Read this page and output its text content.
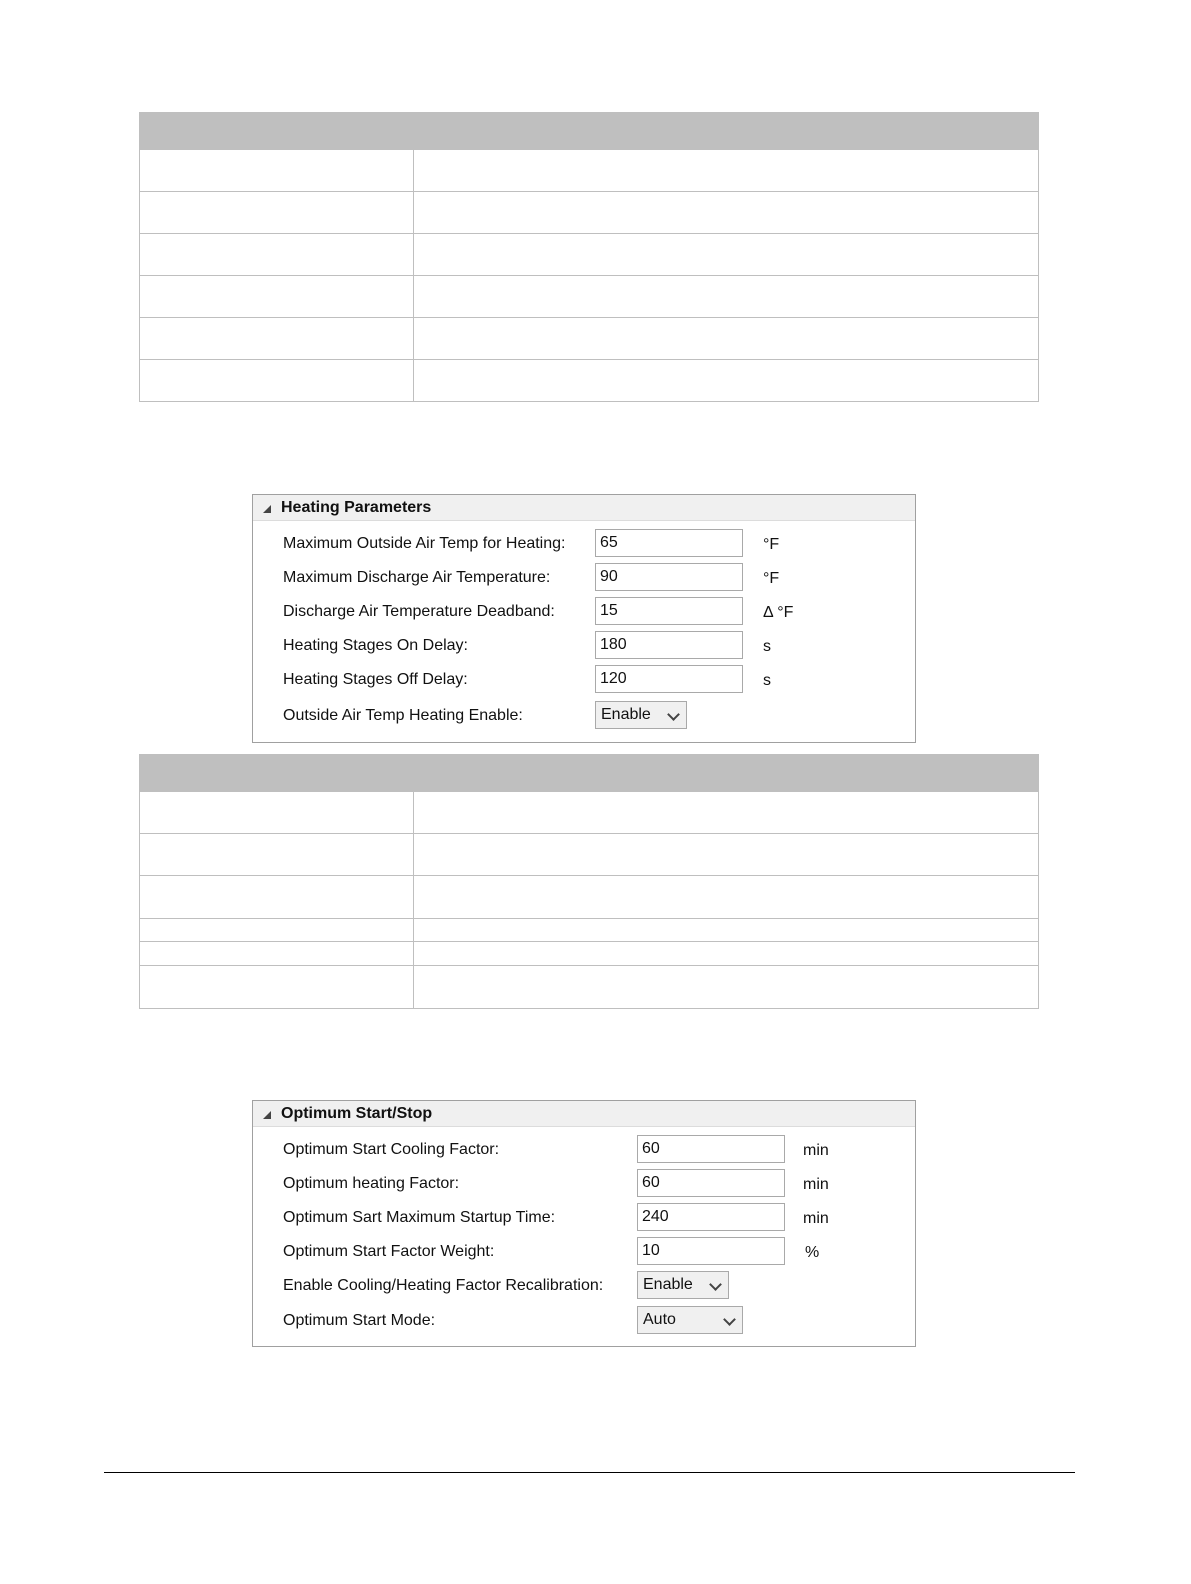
Heating Parameters
Maximum Outside Air Temp for Heating:
65	°F
Maximum Discharge Air Temperature:
90	°F
Discharge Air Temperature Deadband:
15	Δ °F
Heating Stages On Delay:
180	s
Heating Stages Off Delay:
120	s
Outside Air Temp Heating Enable:	Enable
Optimum Start/Stop
Optimum Start Cooling Factor:
60	min
Optimum heating Factor:
60	min
Optimum Sart Maximum Startup Time:
240	min
Optimum Start Factor Weight:
10	%
Enable Cooling/Heating Factor Recalibration: Enable
Optimum Start Mode:	Auto
